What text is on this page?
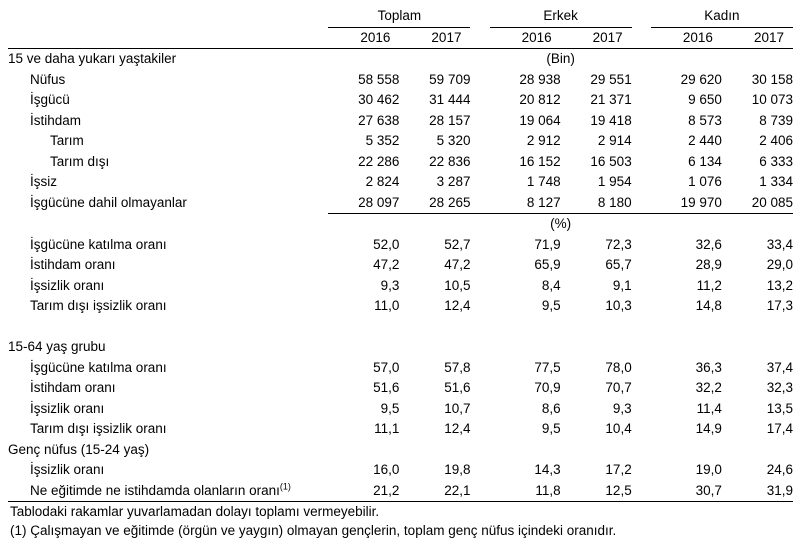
	Toplam			Erkek			Kadın	
	2016	2017		2016	2017		2016	2017
15 ve daha yukarı yaştakiler	(Bin)							
Nüfus	58 558	59 709		28 938	29 551		29 620	30 158
İşgücü	30 462	31 444		20 812	21 371		9 650	10 073
İstihdam	27 638	28 157		19 064	19 418		8 573	8 739
Tarım	5 352	5 320		2 912	2 914		2 440	2 406
Tarım dışı	22 286	22 836		16 152	16 503		6 134	6 333
İşsiz	2 824	3 287		1 748	1 954		1 076	1 334
İşgücüne dahil olmayanlar	28 097	28 265		8 127	8 180		19 970	20 085
	(%)							
İşgücüne katılma oranı	52,0	52,7		71,9	72,3		32,6	33,4
İstihdam oranı	47,2	47,2		65,9	65,7		28,9	29,0
İşsizlik oranı	9,3	10,5		8,4	9,1		11,2	13,2
Tarım dışı işsizlik oranı	11,0	12,4		9,5	10,3		14,8	17,3

15-64 yaş grubu								
İşgücüne katılma oranı	57,0	57,8		77,5	78,0		36,3	37,4
İstihdam oranı	51,6	51,6		70,9	70,7		32,2	32,3
İşsizlik oranı	9,5	10,7		8,6	9,3		11,4	13,5
Tarım dışı işsizlik oranı	11,1	12,4		9,5	10,4		14,9	17,4
Genç nüfus (15-24 yaş)								
İşsizlik oranı	16,0	19,8		14,3	17,2		19,0	24,6
Ne eğitimde ne istihdamda olanların oranı$^{(1)}$	21,2	22,1		11,8	12,5		30,7	31,9
Tablodaki rakamlar yuvarlamadan dolayı toplamı vermeyebilir.
(1) Çalışmayan ve eğitimde (örgün ve yaygın) olmayan gençlerin, toplam genç nüfus içindeki oranıdır.
